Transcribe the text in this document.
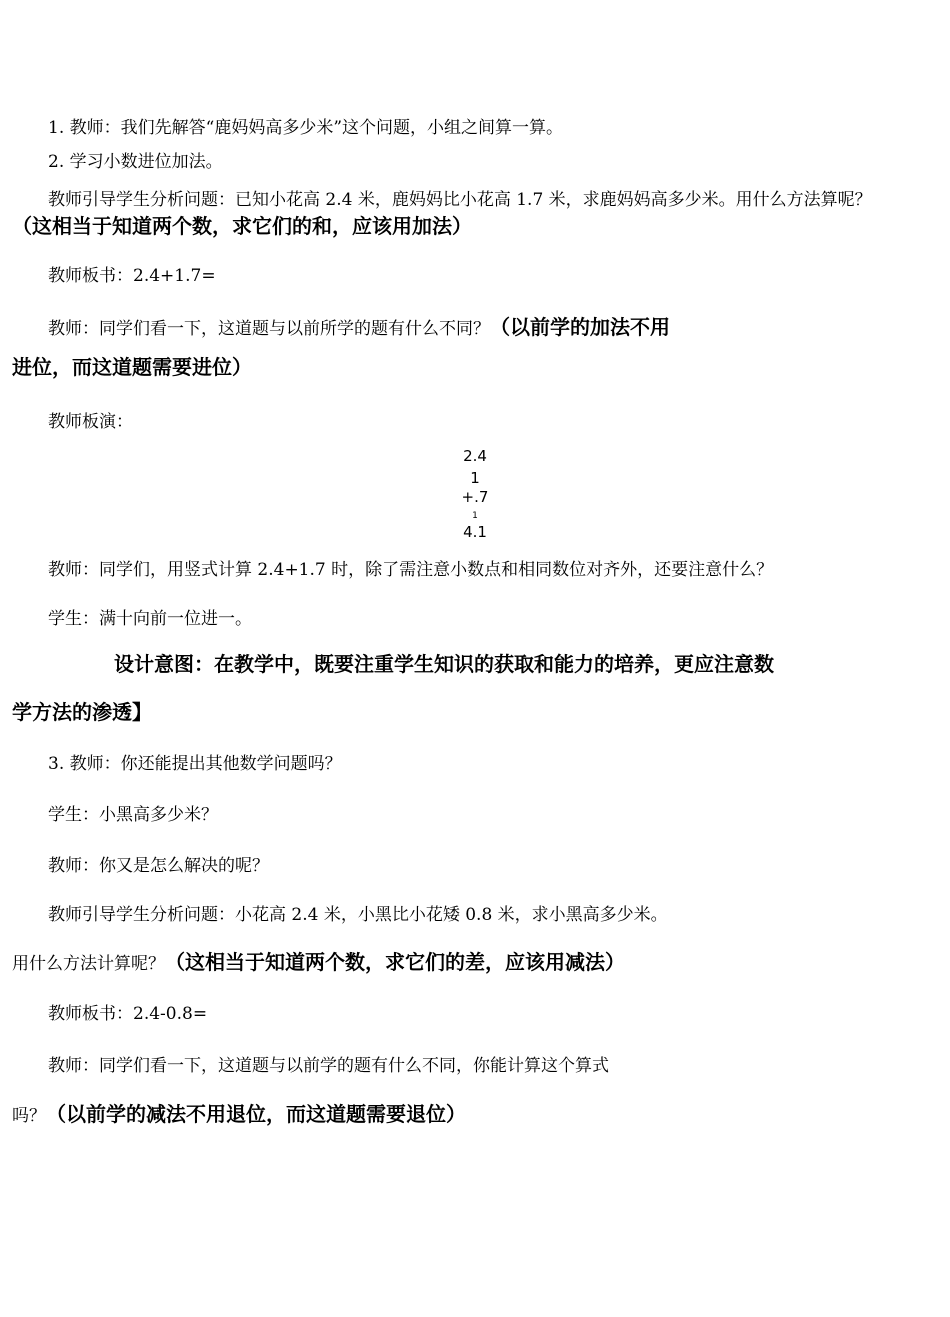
1. 教师：我们先解答“鹿妈妈高多少米”这个问题，小组之间算一算。
2. 学习小数进位加法。
教师引导学生分析问题：已知小花高 2.4 米，鹿妈妈比小花高 1.7 米，求鹿妈妈高多少米。用什么方法算呢？
（这相当于知道两个数，求它们的和，应该用加法）
教师板书：2.4+1.7=
教师：同学们看一下，这道题与以前所学的题有什么不同？（以前学的加法不用
进位，而这道题需要进位）
教师板演：
2.4
1
+.7
1
4.1
教师：同学们，用竖式计算 2.4+1.7 时，除了需注意小数点和相同数位对齐外，还要注意什么？
学生：满十向前一位进一。
设计意图：在教学中，既要注重学生知识的获取和能力的培养，更应注意数
学方法的渗透】
3. 教师：你还能提出其他数学问题吗？
学生：小黑高多少米？
教师：你又是怎么解决的呢？
教师引导学生分析问题：小花高 2.4 米，小黑比小花矮 0.8 米，求小黑高多少米。
用什么方法计算呢？（这相当于知道两个数，求它们的差，应该用减法）
教师板书：2.4-0.8=
教师：同学们看一下，这道题与以前学的题有什么不同，你能计算这个算式
吗？（以前学的减法不用退位，而这道题需要退位）
